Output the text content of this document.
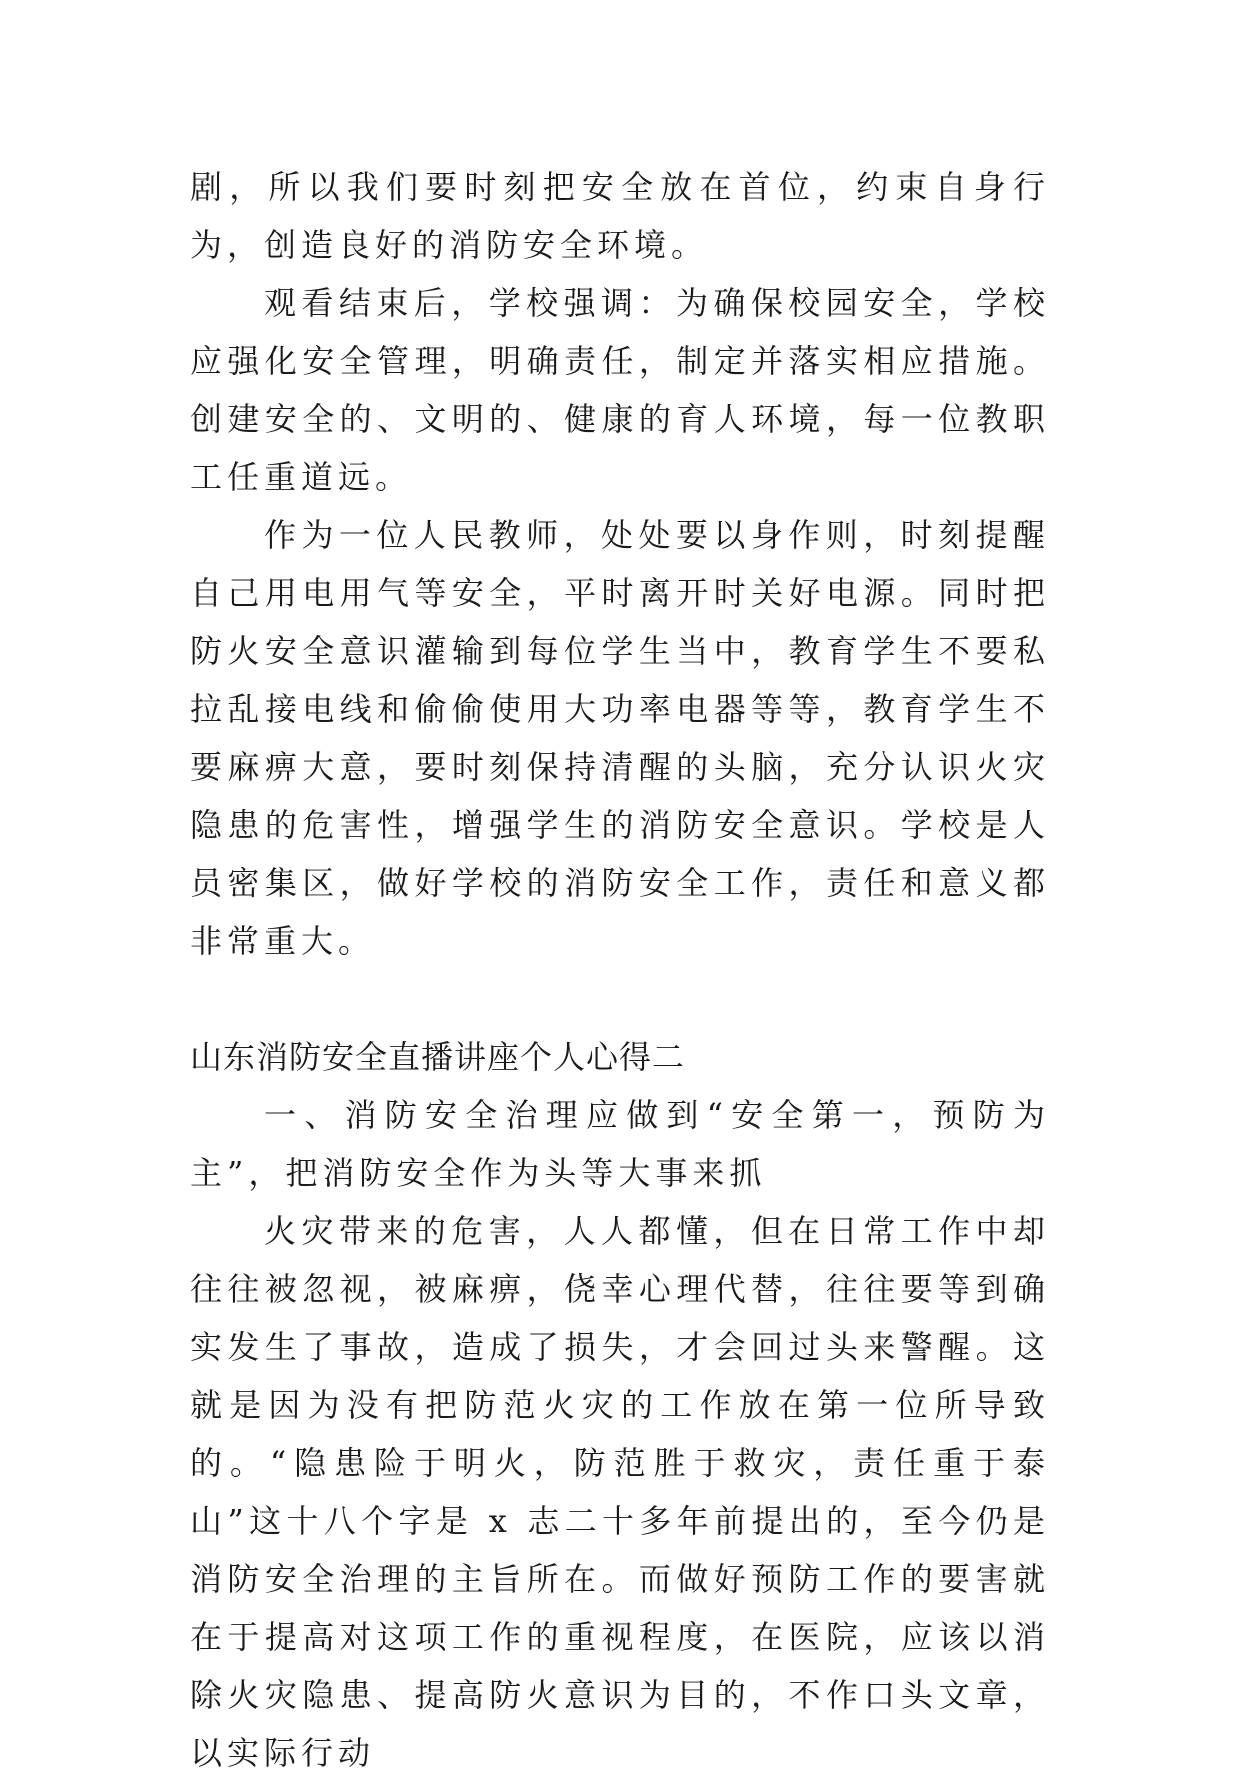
剧，所以我们要时刻把安全放在首位，约束自身行为，创造良好的消防安全环境。

观看结束后，学校强调：为确保校园安全，学校应强化安全管理，明确责任，制定并落实相应措施。创建安全的、文明的、健康的育人环境，每一位教职工任重道远。

作为一位人民教师，处处要以身作则，时刻提醒自己用电用气等安全，平时离开时关好电源。同时把防火安全意识灌输到每位学生当中，教育学生不要私拉乱接电线和偷偷使用大功率电器等等，教育学生不要麻痹大意，要时刻保持清醒的头脑，充分认识火灾隐患的危害性，增强学生的消防安全意识。学校是人员密集区，做好学校的消防安全工作，责任和意义都非常重大。

山东消防安全直播讲座个人心得二

一、消防安全治理应做到“安全第一，预防为主”，把消防安全作为头等大事来抓

火灾带来的危害，人人都懂，但在日常工作中却往往被忽视，被麻痹，侥幸心理代替，往往要等到确实发生了事故，造成了损失，才会回过头来警醒。这就是因为没有把防范火灾的工作放在第一位所导致的。“隐患险于明火，防范胜于救灾，责任重于泰山”这十八个字是 x 志二十多年前提出的，至今仍是消防安全治理的主旨所在。而做好预防工作的要害就在于提高对这项工作的重视程度，在医院，应该以消除火灾隐患、提高防火意识为目的，不作口头文章，以实际行动
